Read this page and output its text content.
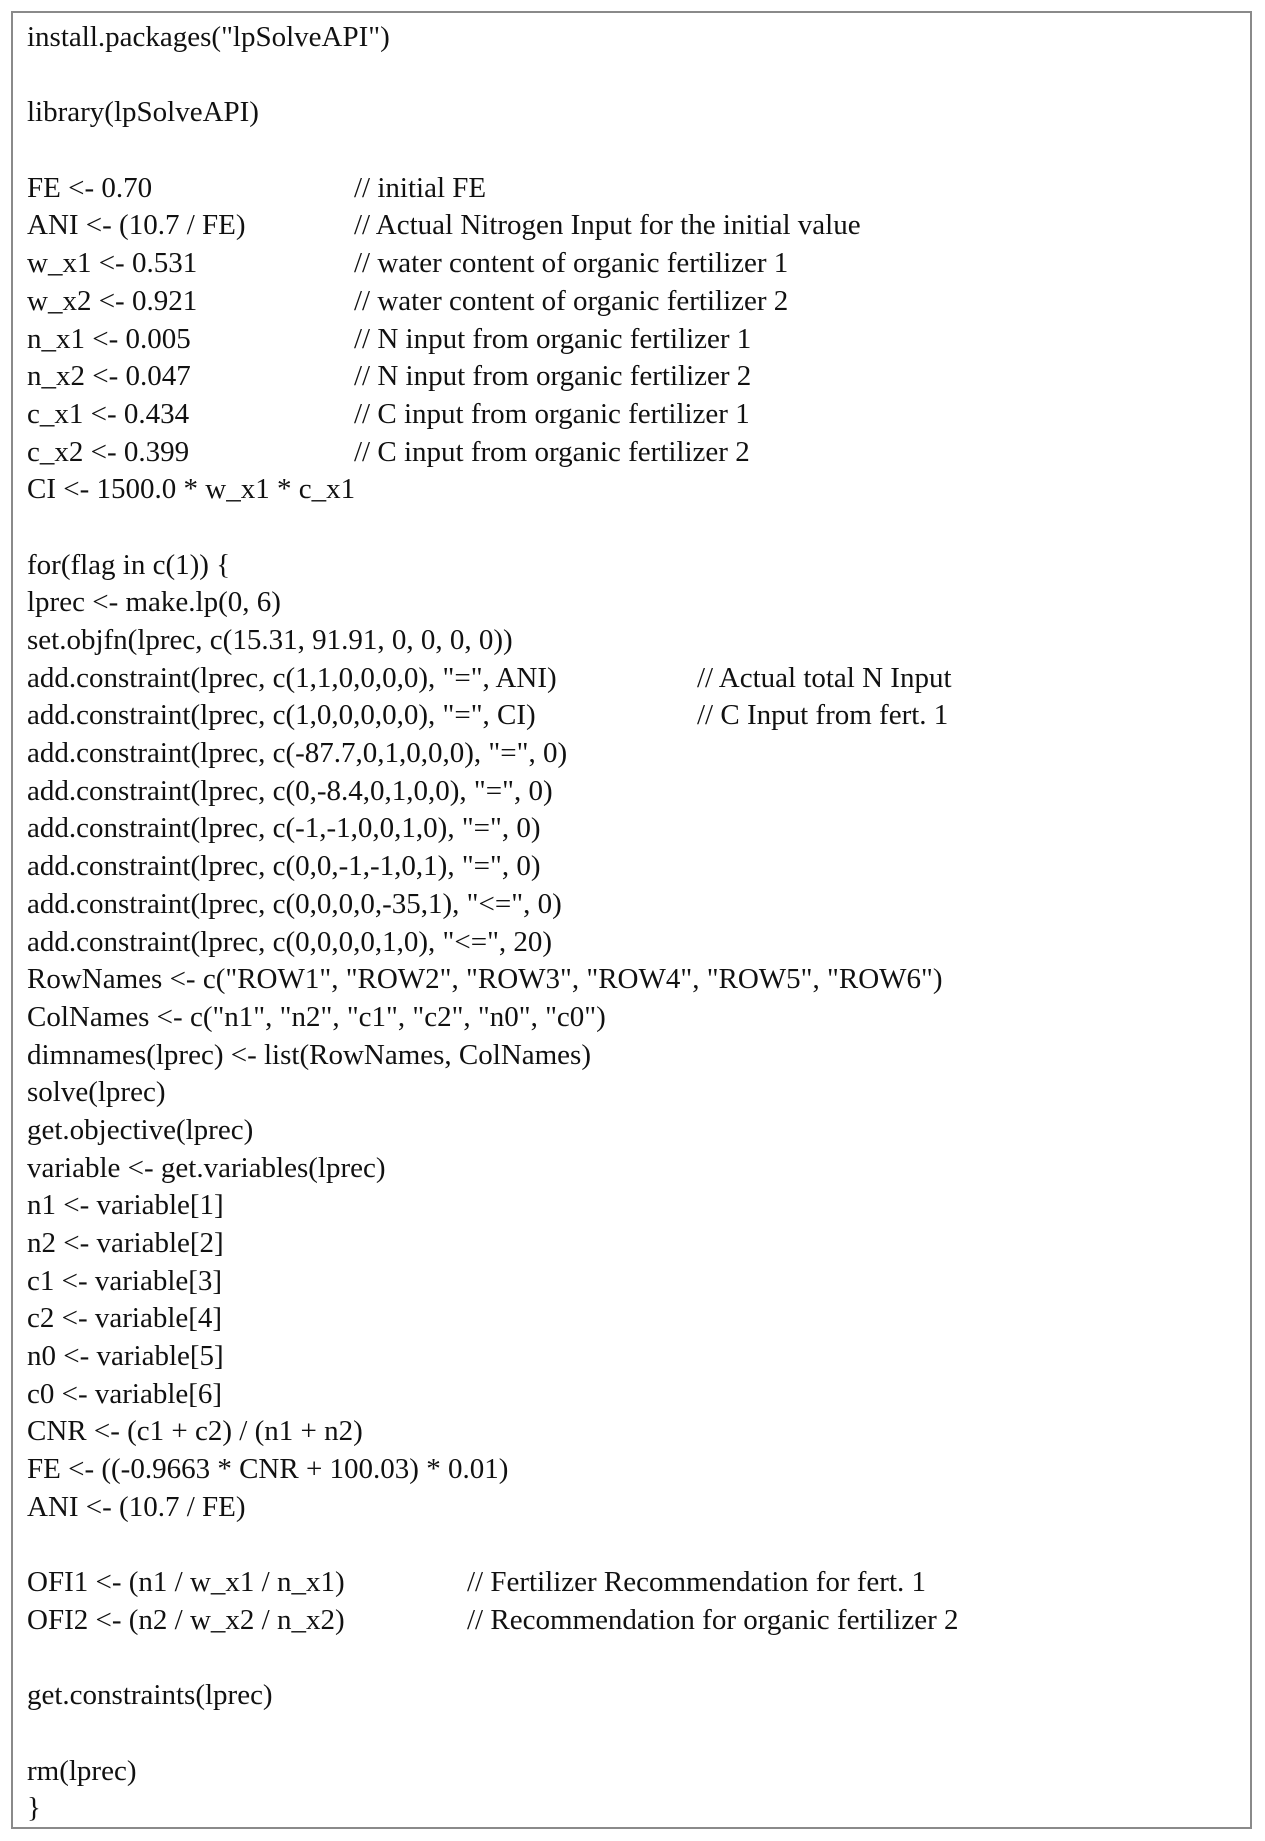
install.packages("lpSolveAPI")
library(lpSolveAPI)
FE <- 0.70	// initial FE
ANI <- (10.7 / FE)	// Actual Nitrogen Input for the initial value
w_x1 <- 0.531	// water content of organic fertilizer 1
w_x2 <- 0.921	// water content of organic fertilizer 2
n_x1 <- 0.005	// N input from organic fertilizer 1
n_x2 <- 0.047	// N input from organic fertilizer 2
c_x1 <- 0.434	// C input from organic fertilizer 1
c_x2 <- 0.399	// C input from organic fertilizer 2
CI <- 1500.0 * w_x1 * c_x1
for(flag in c(1)) {
lprec <- make.lp(0, 6)
set.objfn(lprec, c(15.31, 91.91, 0, 0, 0, 0))
add.constraint(lprec, c(1,1,0,0,0,0), "=", ANI)	// Actual total N Input
add.constraint(lprec, c(1,0,0,0,0,0), "=", CI)	// C Input from fert. 1
add.constraint(lprec, c(-87.7,0,1,0,0,0), "=", 0)
add.constraint(lprec, c(0,-8.4,0,1,0,0), "=", 0)
add.constraint(lprec, c(-1,-1,0,0,1,0), "=", 0)
add.constraint(lprec, c(0,0,-1,-1,0,1), "=", 0)
add.constraint(lprec, c(0,0,0,0,-35,1), "<=", 0)
add.constraint(lprec, c(0,0,0,0,1,0), "<=", 20)
RowNames <- c("ROW1", "ROW2", "ROW3", "ROW4", "ROW5", "ROW6")
ColNames <- c("n1", "n2", "c1", "c2", "n0", "c0")
dimnames(lprec) <- list(RowNames, ColNames)
solve(lprec)
get.objective(lprec)
variable <- get.variables(lprec)
n1 <- variable[1]
n2 <- variable[2]
c1 <- variable[3]
c2 <- variable[4]
n0 <- variable[5]
c0 <- variable[6]
CNR <- (c1 + c2) / (n1 + n2)
FE <- ((-0.9663 * CNR + 100.03) * 0.01)
ANI <- (10.7 / FE)
OFI1 <- (n1 / w_x1 / n_x1)	// Fertilizer Recommendation for fert. 1
OFI2 <- (n2 / w_x2 / n_x2)	// Recommendation for organic fertilizer 2
get.constraints(lprec)
rm(lprec)
}
